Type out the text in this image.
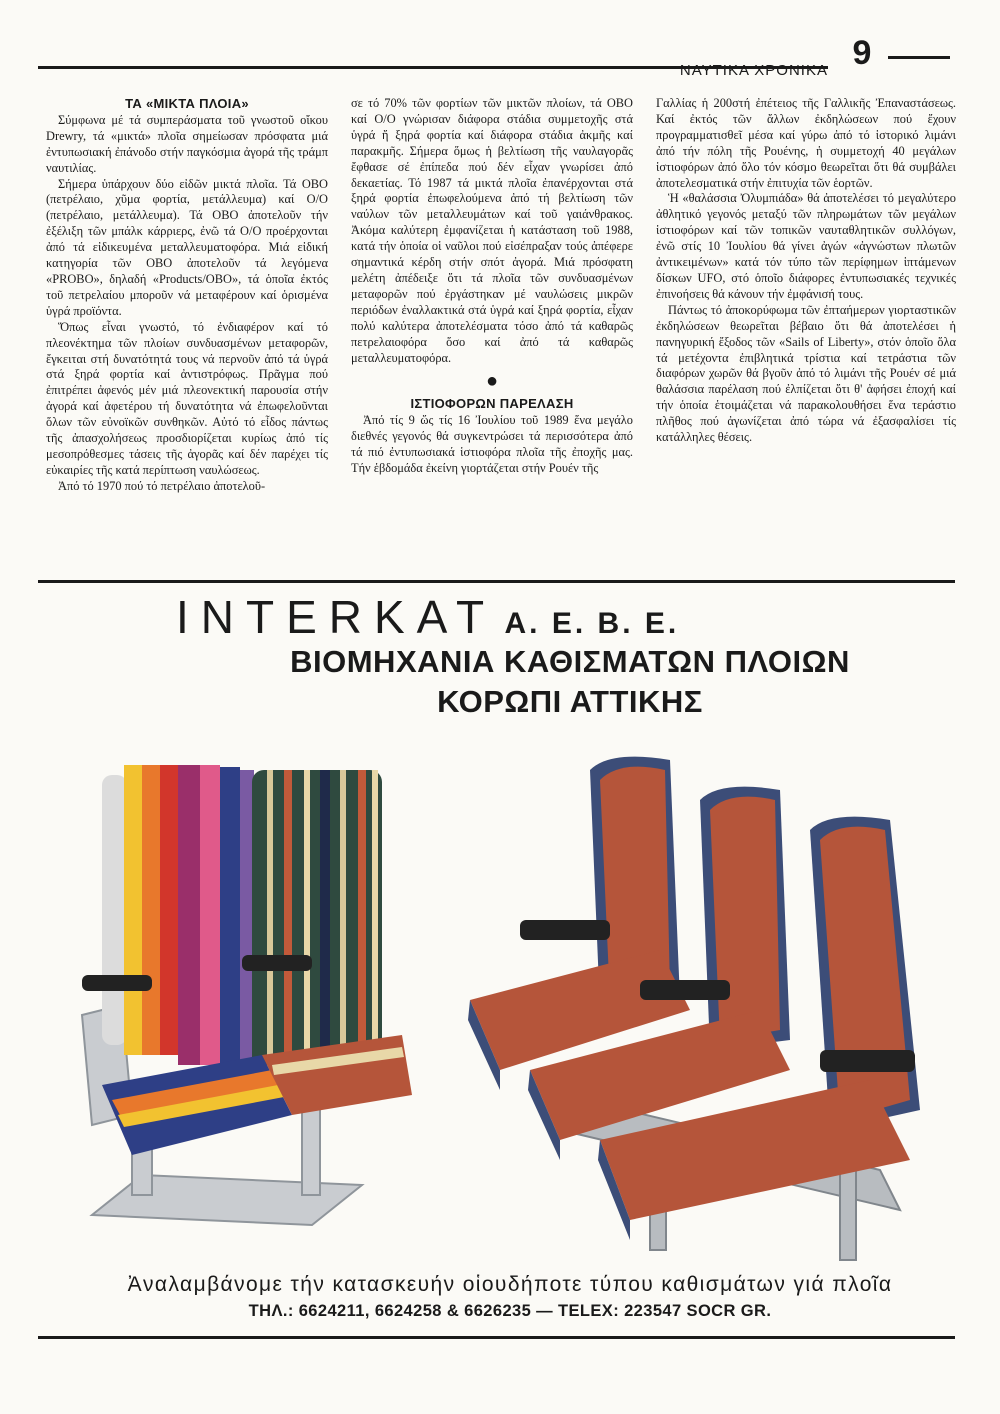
ΝΑΥΤΙΚΑ ΧΡΟΝΙΚΑ 9
ΤΑ «ΜΙΚΤΑ ΠΛΟΙΑ»

Σύμφωνα μέ τά συμπεράσματα τοῦ γνωστοῦ οἴκου Drewry, τά «μικτά» πλοῖα σημείωσαν πρόσφατα μιά ἐντυπωσιακή ἐπάνοδο στήν παγκόσμια ἀγορά τῆς τράμπ ναυτιλίας.

Σήμερα ὑπάρχουν δύο εἰδῶν μικτά πλοῖα. Τά ΟΒΟ (πετρέλαιο, χῦμα φορτία, μετάλλευμα) καί Ο/Ο (πετρέλαιο, μετάλλευμα). Τά ΟΒΟ ἀποτελοῦν τήν ἐξέλιξη τῶν μπάλκ κάρριερς, ἐνῶ τά Ο/Ο προέρχονται ἀπό τά εἰδικευμένα μεταλλευματοφόρα. Μιά εἰδική κατηγορία τῶν ΟΒΟ ἀποτελοῦν τά λεγόμενα «PROBO», δηλαδή «Products/OBO», τά ὁποῖα ἐκτός τοῦ πετρελαίου μποροῦν νά μεταφέρουν καί ὁρισμένα ὑγρά προϊόντα.

Ὅπως εἶναι γνωστό, τό ἐνδιαφέρον καί τό πλεονέκτημα τῶν πλοίων συνδυασμένων μεταφορῶν, ἔγκειται στή δυνατότητά τους νά περνοῦν ἀπό τά ὑγρά στά ξηρά φορτία καί ἀντιστρόφως. Πρᾶγμα πού ἐπιτρέπει ἀφενός μέν μιά πλεονεκτική παρουσία στήν ἀγορά καί ἀφετέρου τή δυνατότητα νά ἐπωφελοῦνται ὅλων τῶν εὐνοϊκῶν συνθηκῶν. Αὐτό τό εἶδος πάντως τῆς ἀπασχολήσεως προσδιορίζεται κυρίως ἀπό τίς μεσοπρόθεσμες τάσεις τῆς ἀγορᾶς καί δέν παρέχει τίς εὐκαιρίες τῆς κατά περίπτωση ναυλώσεως.

Ἀπό τό 1970 πού τό πετρέλαιο ἀποτελοῦ-

σε τό 70% τῶν φορτίων τῶν μικτῶν πλοίων, τά ΟΒΟ καί Ο/Ο γνώρισαν διάφορα στάδια συμμετοχῆς στά ὑγρά ἤ ξηρά φορτία καί διάφορα στάδια ἀκμῆς καί παρακμῆς. Σήμερα ὅμως ἡ βελτίωση τῆς ναυλαγορᾶς ἔφθασε σέ ἐπίπεδα πού δέν εἶχαν γνωρίσει ἀπό δεκαετίας. Τό 1987 τά μικτά πλοῖα ἐπανέρχονται στά ξηρά φορτία ἐπωφελούμενα ἀπό τή βελτίωση τῶν ναύλων τῶν μεταλλευμάτων καί τοῦ γαιάνθρακος. Ἀκόμα καλύτερη ἐμφανίζεται ἡ κατάσταση τοῦ 1988, κατά τήν ὁποία οἱ ναῦλοι πού εἰσέπραξαν τούς ἀπέφερε σημαντικά κέρδη στήν σπότ ἀγορά. Μιά πρόσφατη μελέτη ἀπέδειξε ὅτι τά πλοῖα τῶν συνδυασμένων μεταφορῶν πού ἐργάστηκαν μέ ναυλώσεις μικρῶν περιόδων ἐναλλακτικά στά ὑγρά καί ξηρά φορτία, εἶχαν πολύ καλύτερα ἀποτελέσματα τόσο ἀπό τά καθαρῶς πετρελαιοφόρα ὅσο καί ἀπό τά καθαρῶς μεταλλευματοφόρα.

●
ΙΣΤΙΟΦΟΡΩΝ ΠΑΡΕΛΑΣΗ

Ἀπό τίς 9 ὥς τίς 16 Ἰουλίου τοῦ 1989 ἕνα μεγάλο διεθνές γεγονός θά συγκεντρώσει τά περισσότερα ἀπό τά πιό ἐντυπωσιακά ἱστιοφόρα πλοῖα τῆς ἐποχῆς μας. Τήν ἑβδομάδα ἐκείνη γιορτάζεται στήν Ρουέν τῆς

Γαλλίας ἡ 200στή ἐπέτειος τῆς Γαλλικῆς Ἐπαναστάσεως. Καί ἐκτός τῶν ἄλλων ἐκδηλώσεων πού ἔχουν προγραμματισθεῖ μέσα καί γύρω ἀπό τό ἱστορικό λιμάνι ἀπό τήν πόλη τῆς Ρουένης, ἡ συμμετοχή 40 μεγάλων ἱστιοφόρων ἀπό ὅλο τόν κόσμο θεωρεῖται ὅτι θά συμβάλει ἀποτελεσματικά στήν ἐπιτυχία τῶν ἑορτῶν.

Ἡ «θαλάσσια Ὀλυμπιάδα» θά ἀποτελέσει τό μεγαλύτερο ἀθλητικό γεγονός μεταξύ τῶν πληρωμάτων τῶν μεγάλων ἱστιοφόρων καί τῶν τοπικῶν ναυταθλητικῶν συλλόγων, ἐνῶ στίς 10 Ἰουλίου θά γίνει ἀγών «ἀγνώστων πλωτῶν ἀντικειμένων» κατά τόν τύπο τῶν περίφημων ἱπτάμενων δίσκων UFO, στό ὁποῖο διάφορες ἐντυπωσιακές τεχνικές ἐπινοήσεις θά κάνουν τήν ἐμφάνισή τους.

Πάντως τό ἀποκορύφωμα τῶν ἐπταήμερων γιορταστικῶν ἐκδηλώσεων θεωρεῖται βέβαιο ὅτι θά ἀποτελέσει ἡ πανηγυρική ἔξοδος τῶν «Sails of Liberty», στόν ὁποῖο ὅλα τά μετέχοντα ἐπιβλητικά τρίστια καί τετράστια τῶν διαφόρων χωρῶν θά βγοῦν ἀπό τό λιμάνι τῆς Ρουέν σέ μιά θαλάσσια παρέλαση πού ἐλπίζεται ὅτι θ' ἀφήσει ἐποχή καί τήν ὁποία ἑτοιμάζεται νά παρακολουθήσει ἕνα τεράστιο πλῆθος πού ἀγωνίζεται ἀπό τώρα νά ἐξασφαλίσει τίς κατάλληλες θέσεις.

INTERKAT A. E. B. E.
ΒΙΟΜΗΧΑΝΙΑ ΚΑΘΙΣΜΑΤΩΝ ΠΛΟΙΩΝ
ΚΟΡΩΠΙ ΑΤΤΙΚΗΣ
Ἀναλαμβάνομε τήν κατασκευήν οἱουδήποτε τύπου καθισμάτων γιά πλοῖα
ΤΗΛ.: 6624211, 6624258 & 6626235 — TELEX: 223547 SOCR GR.
